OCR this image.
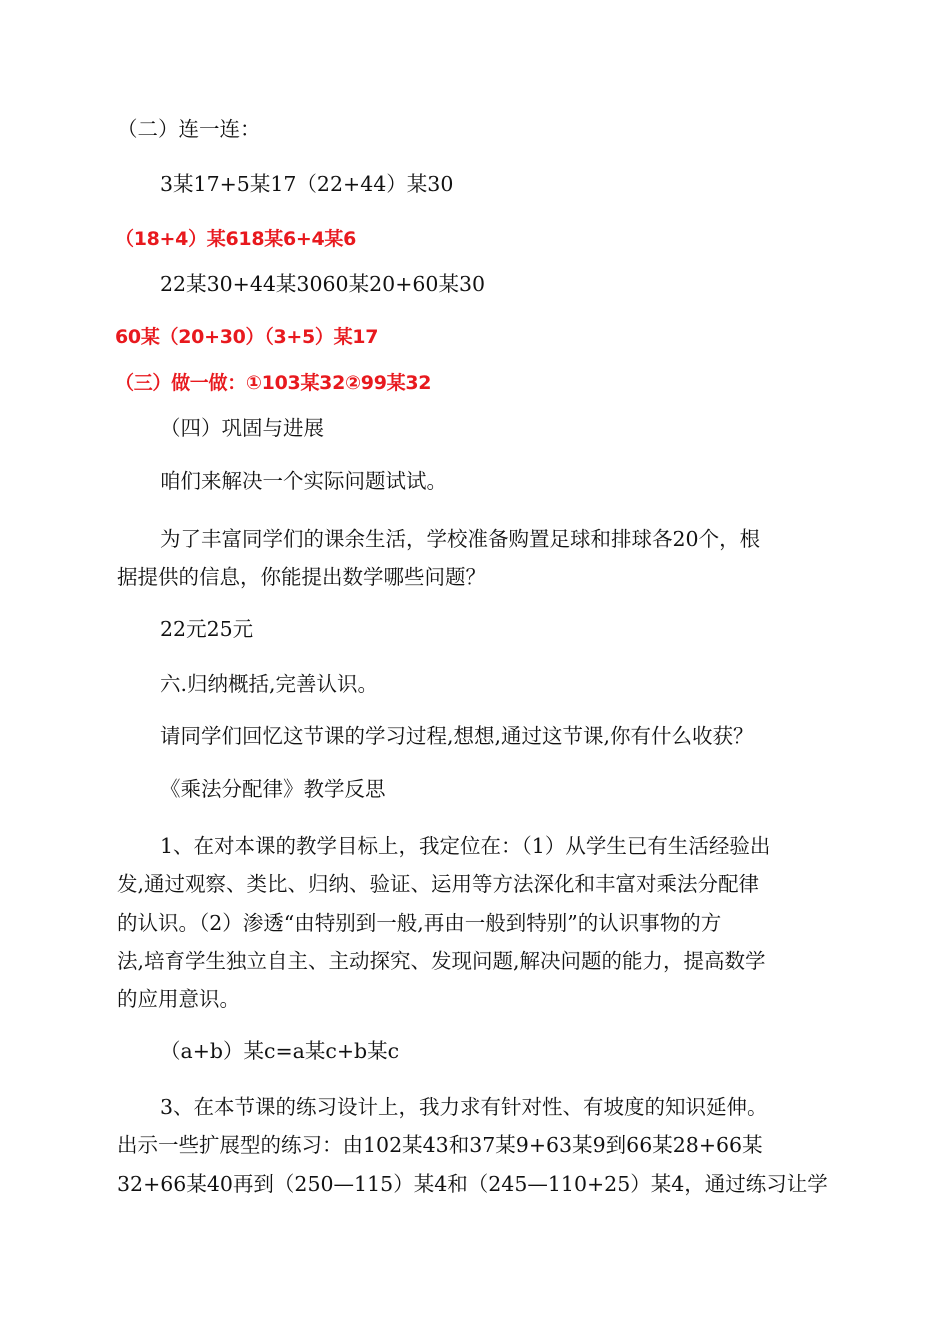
（二）连一连：

3某17+5某17（22+44）某30

（18+4）某618某6+4某6

22某30+44某3060某20+60某30

60某（20+30）（3+5）某17

（三）做一做：①103某32②99某32

（四）巩固与进展

咱们来解决一个实际问题试试。

为了丰富同学们的课余生活，学校准备购置足球和排球各20个，根
据提供的信息，你能提出数学哪些问题？

22元25元

六.归纳概括,完善认识。

请同学们回忆这节课的学习过程,想想,通过这节课,你有什么收获？

《乘法分配律》教学反思

1、在对本课的教学目标上，我定位在：（1）从学生已有生活经验出
发,通过观察、类比、归纳、验证、运用等方法深化和丰富对乘法分配律
的认识。（2）渗透“由特别到一般,再由一般到特别”的认识事物的方
法,培育学生独立自主、主动探究、发现问题,解决问题的能力，提高数学
的应用意识。

（a+b）某c=a某c+b某c

3、在本节课的练习设计上，我力求有针对性、有坡度的知识延伸。
出示一些扩展型的练习：由102某43和37某9+63某9到66某28+66某
32+66某40再到（250—115）某4和（245—110+25）某4，通过练习让学
